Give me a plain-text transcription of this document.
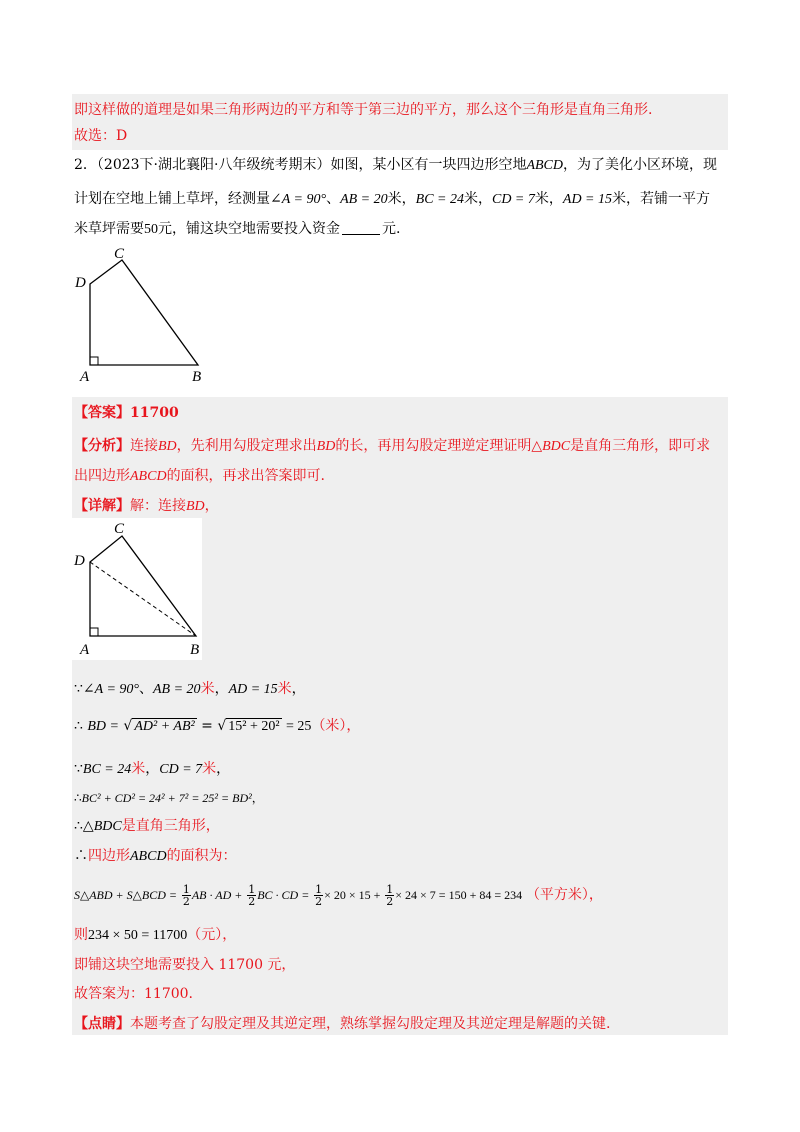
即这样做的道理是如果三角形两边的平方和等于第三边的平方，那么这个三角形是直角三角形.
故选：D
2．（2023下·湖北襄阳·八年级统考期末）如图，某小区有一块四边形空地ABCD，为了美化小区环境，现
计划在空地上铺上草坪，经测量∠A = 90°、AB = 20米，BC = 24米，CD = 7米，AD = 15米，若铺一平方
米草坪需要50元，铺这块空地需要投入资金	元.
C
D
A	B
【答案】11700
【分析】连接BD，先利用勾股定理求出BD的长，再用勾股定理逆定理证明△BDC是直角三角形，即可求
出四边形ABCD的面积，再求出答案即可.
【详解】解：连接BD，
C
D
A	B
∵∠A = 90°、AB = 20米，AD = 15米，
∴ BD = √ AD² + AB² = √ 15² + 20² = 25（米），
∵BC = 24米，CD = 7米，
∴BC² + CD² = 24² + 7² = 25² = BD²，
∴△BDC是直角三角形，
∴四边形ABCD的面积为：
S△ABD + S△BCD = $\frac{1}{2}$ AB · AD + $\frac{1}{2}$ BC · CD = $\frac{1}{2} \times 20 \times 15 + \frac{1}{2} \times 24 \times 7 = 150 + 84 = 234$ （平方米），
则234 × 50 = 11700（元），
即铺这块空地需要投入 11700 元，
故答案为：11700.
【点睛】本题考查了勾股定理及其逆定理，熟练掌握勾股定理及其逆定理是解题的关键.
